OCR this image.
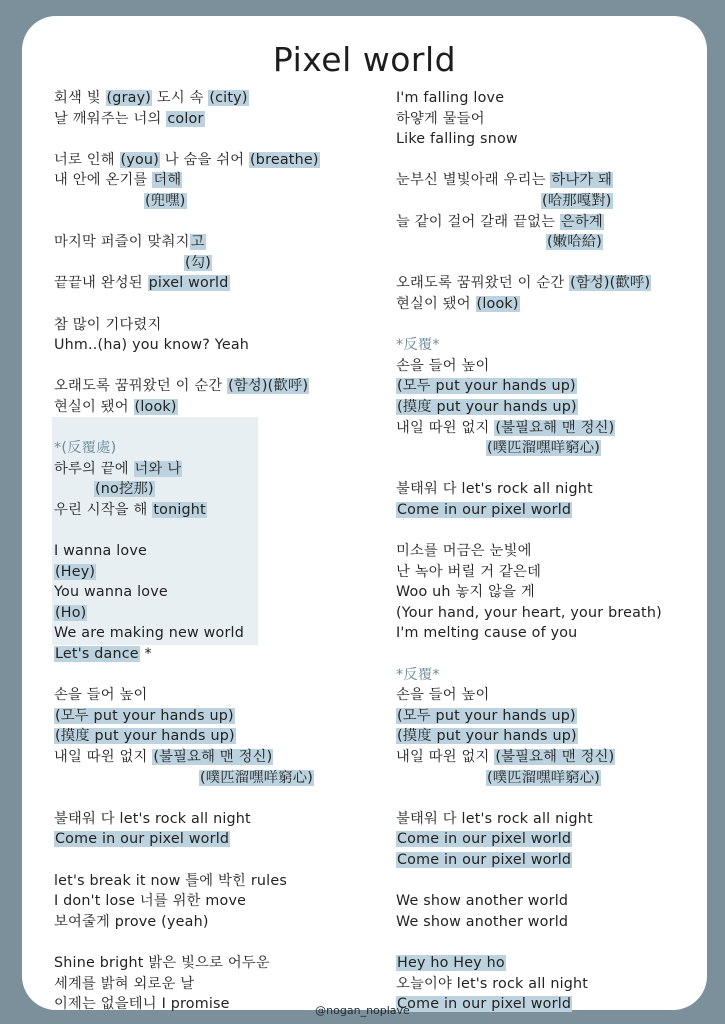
Pixel world
회색 빛 (gray) 도시 속 (city)
날 깨워주는 너의 color
너로 인해 (you) 나 숨을 쉬어 (breathe)
내 안에 온기를 더해
(兜嘿)
마지막 퍼즐이 맞춰지고
(勾)
끝끝내 완성된 pixel world
참 많이 기다렸지
Uhm..(ha) you know? Yeah
오래도록 꿈꿔왔던 이 순간 (함성)(歡呼)
현실이 됐어 (look)
*(反覆處)
하루의 끝에 너와 나
(no挖那)
우린 시작을 해 tonight
I wanna love
(Hey)
You wanna love
(Ho)
We are making new world
Let's dance *
손을 들어 높이
(모두 put your hands up)
(摸度 put your hands up)
내일 따윈 없지 (불필요해 맨 정신)
(噗匹溜嘿咩窮心)
불태워 다 let's rock all night
Come in our pixel world
let's break it now 틀에 박힌 rules
I don't lose 너를 위한 move
보여줄게 prove (yeah)
Shine bright 밝은 빛으로 어두운
세계를 밝혀 외로운 날
이제는 없을테니 I promise
I'm falling love
하얗게 물들어
Like falling snow
눈부신 별빛아래 우리는 하나가 돼
(哈那嘎對)
늘 같이 걸어 갈래 끝없는 은하계
(嫩哈給)
오래도록 꿈꿔왔던 이 순간 (함성)(歡呼)
현실이 됐어 (look)
*反覆*
손을 들어 높이
(모두 put your hands up)
(摸度 put your hands up)
내일 따윈 없지 (불필요해 맨 정신)
(噗匹溜嘿咩窮心)
불태워 다 let's rock all night
Come in our pixel world
미소를 머금은 눈빛에
난 녹아 버릴 거 같은데
Woo uh 놓지 않을 게
(Your hand, your heart, your breath)
I'm melting cause of you
*反覆*
손을 들어 높이
(모두 put your hands up)
(摸度 put your hands up)
내일 따윈 없지 (불필요해 맨 정신)
(噗匹溜嘿咩窮心)
불태워 다 let's rock all night
Come in our pixel world
Come in our pixel world
We show another world
We show another world
Hey ho Hey ho
오늘이야 let's rock all night
Come in our pixel world
@nogan_noplave
